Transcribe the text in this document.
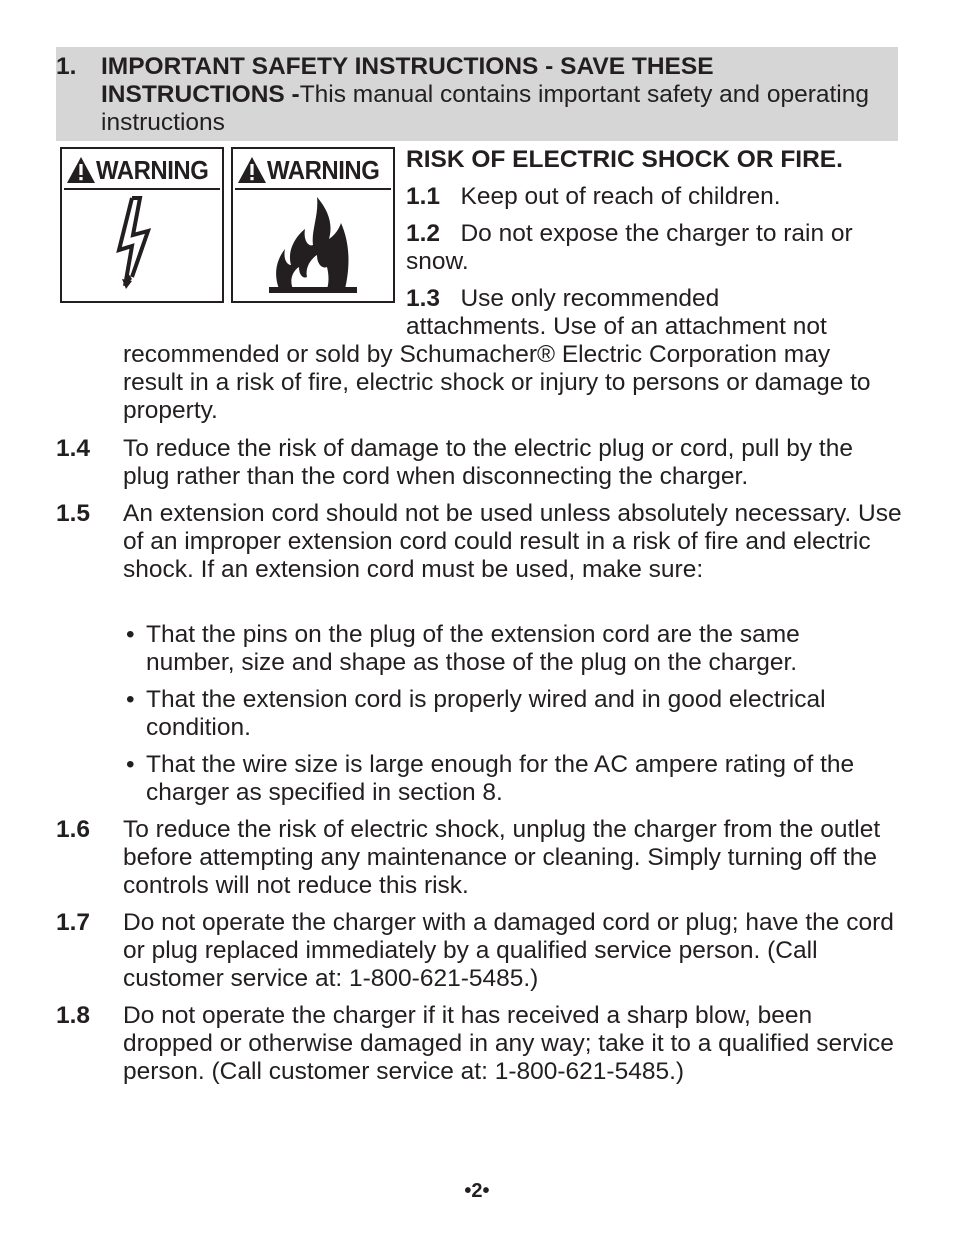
1. IMPORTANT SAFETY INSTRUCTIONS - SAVE THESE INSTRUCTIONS -This manual contains important safety and operating instructions
WARNING WARNING RISK OF ELECTRIC SHOCK OR FIRE.
1.1 Keep out of reach of children.
1.2 Do not expose the charger to rain or
snow.
1.3 Use only recommended
attachments. Use of an attachment not
recommended or sold by Schumacher® Electric Corporation may result in a risk of fire, electric shock or injury to persons or damage to property.
1.4 To reduce the risk of damage to the electric plug or cord, pull by the plug rather than the cord when disconnecting the charger.
1.5 An extension cord should not be used unless absolutely necessary. Use of an improper extension cord could result in a risk of fire and electric shock. If an extension cord must be used, make sure:
• That the pins on the plug of the extension cord are the same number, size and shape as those of the plug on the charger.
• That the extension cord is properly wired and in good electrical condition.
• That the wire size is large enough for the AC ampere rating of the charger as specified in section 8.
1.6 To reduce the risk of electric shock, unplug the charger from the outlet before attempting any maintenance or cleaning. Simply turning off the controls will not reduce this risk.
1.7 Do not operate the charger with a damaged cord or plug; have the cord or plug replaced immediately by a qualified service person. (Call customer service at: 1-800-621-5485.)
1.8 Do not operate the charger if it has received a sharp blow, been dropped or otherwise damaged in any way; take it to a qualified service person. (Call customer service at: 1-800-621-5485.)
•2•
